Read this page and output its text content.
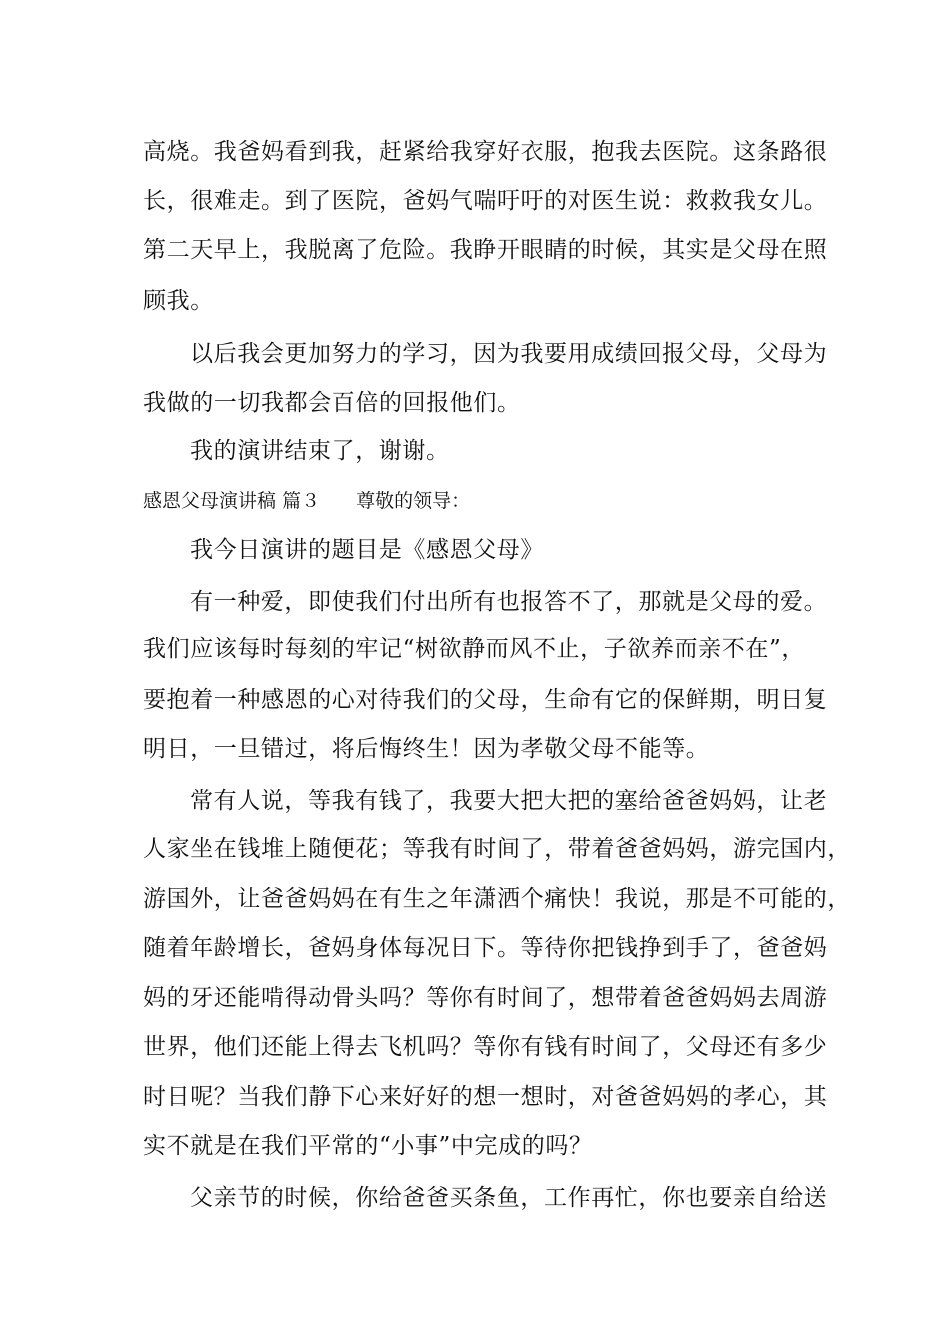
高烧。我爸妈看到我，赶紧给我穿好衣服，抱我去医院。这条路很
长，很难走。到了医院，爸妈气喘吁吁的对医生说：救救我女儿。
第二天早上，我脱离了危险。我睁开眼睛的时候，其实是父母在照
顾我。
以后我会更加努力的学习，因为我要用成绩回报父母，父母为
我做的一切我都会百倍的回报他们。
我的演讲结束了，谢谢。
感恩父母演讲稿 篇３ 尊敬的领导：
我今日演讲的题目是《感恩父母》
有一种爱，即使我们付出所有也报答不了，那就是父母的爱。
我们应该每时每刻的牢记“树欲静而风不止，子欲养而亲不在”，
要抱着一种感恩的心对待我们的父母，生命有它的保鲜期，明日复
明日，一旦错过，将后悔终生！因为孝敬父母不能等。
常有人说，等我有钱了，我要大把大把的塞给爸爸妈妈，让老
人家坐在钱堆上随便花；等我有时间了，带着爸爸妈妈，游完国内，
游国外，让爸爸妈妈在有生之年潇洒个痛快！我说，那是不可能的，
随着年龄增长，爸妈身体每况日下。等待你把钱挣到手了，爸爸妈
妈的牙还能啃得动骨头吗？等你有时间了，想带着爸爸妈妈去周游
世界，他们还能上得去飞机吗？等你有钱有时间了，父母还有多少
时日呢？当我们静下心来好好的想一想时，对爸爸妈妈的孝心，其
实不就是在我们平常的“小事”中完成的吗？
父亲节的时候，你给爸爸买条鱼，工作再忙，你也要亲自给送
